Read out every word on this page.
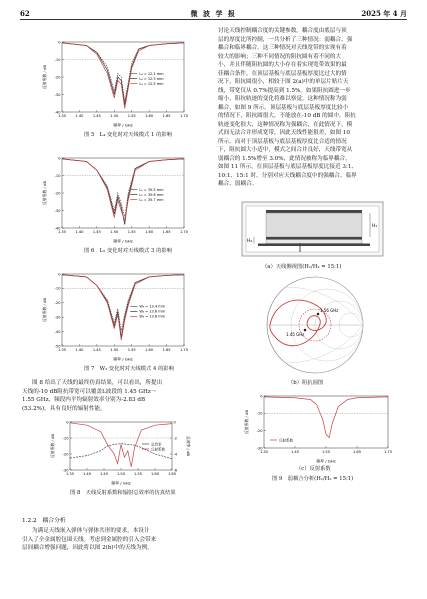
62	微 波 学 报	2025 年 4 月
1.35	1.40	1.45	1.50	1.55	1.60	1.65	1.70
0
-10
-20
-30
-40
频率 / GHz
反射系数 / dB	L₄ = 12.1 mm
L₄ = 12.3 mm
L₄ = 12.5 mm
图 5　L₄ 变化时对天线模式 1 的影响
1.35	1.40	1.45	1.50	1.55	1.60	1.65	1.70
0
-10
-20
-30
-40
频率 / GHz
反射系数 / dB	L₅ = 35.5 mm
L₅ = 35.6 mm
L₅ = 35.7 mm
图 6　L₅ 变化时对天线模式 3 的影响
1.35	1.40	1.45	1.50	1.55	1.60	1.65	1.70
0
-10
-20
-30
-40
-50
频率 / GHz
反射系数 / dB	W₃ = 13.4 mm
W₃ = 13.6 mm
W₃ = 13.8 mm
图 7　W₃ 变化时对天线模式 4 的影响
图 8 给出了天线的最终仿真结果，可以看出，所提出
天线的-10 dB阻抗带宽可以覆盖L波段的 1.45 GHz～
1.55 GHz，频段内平均辐射效率分别为-2.83 dB
(53.2%)，具有良好的辐射性能。
1.35 1.40 1.45 1.50 1.55 1.60 1.65
0
-10
-20
-30
0
-2
-4
-6
总效率 / dB
频率 / GHz
反射系数 / dB	总效率
反射系数
图 8　天线反射系数和辐射总效率的仿真结果
1.2.2　耦合分析
为满足天线嵌入弹体与弹体共形的要求，本设计
引入了全金属腔包围天线。考虑到金属腔的引入会带来
层间耦合增强问题，因此将以图 2(b)中的天线为例，
讨论天线控制耦合度的关键参数。耦合度由底层与顶
层的厚度比所控制，一共分析了三种情况：弱耦合、强
耦合和临界耦合。这三种情况对天线宽带的实现有着
较大的影响；三种不同情况的阻抗圆有着不同的大
小，并且伴随阻抗圆的大小存在着实现宽带效果的最
佳耦合条件。在顶层基板与底层基板厚度比过大的情
况下，阻抗圆很小，相较于图 2(a)中的单层片贴片天
线，带宽仅从 0.7%提高到 1.5%。如果阻抗圆进一步
缩小，阻抗轨迹的变化将难以察觉。这种情况称为弱
耦合，如图 9 所示。顶层基板与底层基板厚度比较小
的情况下，阻抗圆很大，不能放在-10 dB 的圆中，阻抗
轨迹变化很大，这种情况称为强耦合，在此情况下，模
式间无法合并形成宽带，因此天线性能很差，如图 10
所示。而对于顶层基板与底层基板厚度比合适的情况
下，阻抗圆大小适中，模式之间合并良好，天线带宽从
弱耦合的 1.5%增至 3.0%，此情况被称为临界耦合，
如图 11 所示。在顶层基板与底层基板厚度比接近 3:1、
10:1、15:1 时，分别对应天线耦合度中的强耦合、临界
耦合、弱耦合。
H₁
H₂
（a）天线侧视图(H₁/H₂ = 15:1)
1.56 GHz
1.45 GHz
（b）阻抗圆图
1.35	1.45	1.55	1.65	1.75
0
-10
-20
-30
频率 / GHz
反射系数 / dB
反射系数
（c）反射系数
图 9　弱耦合分析(H₁/H₂ = 15:1)
